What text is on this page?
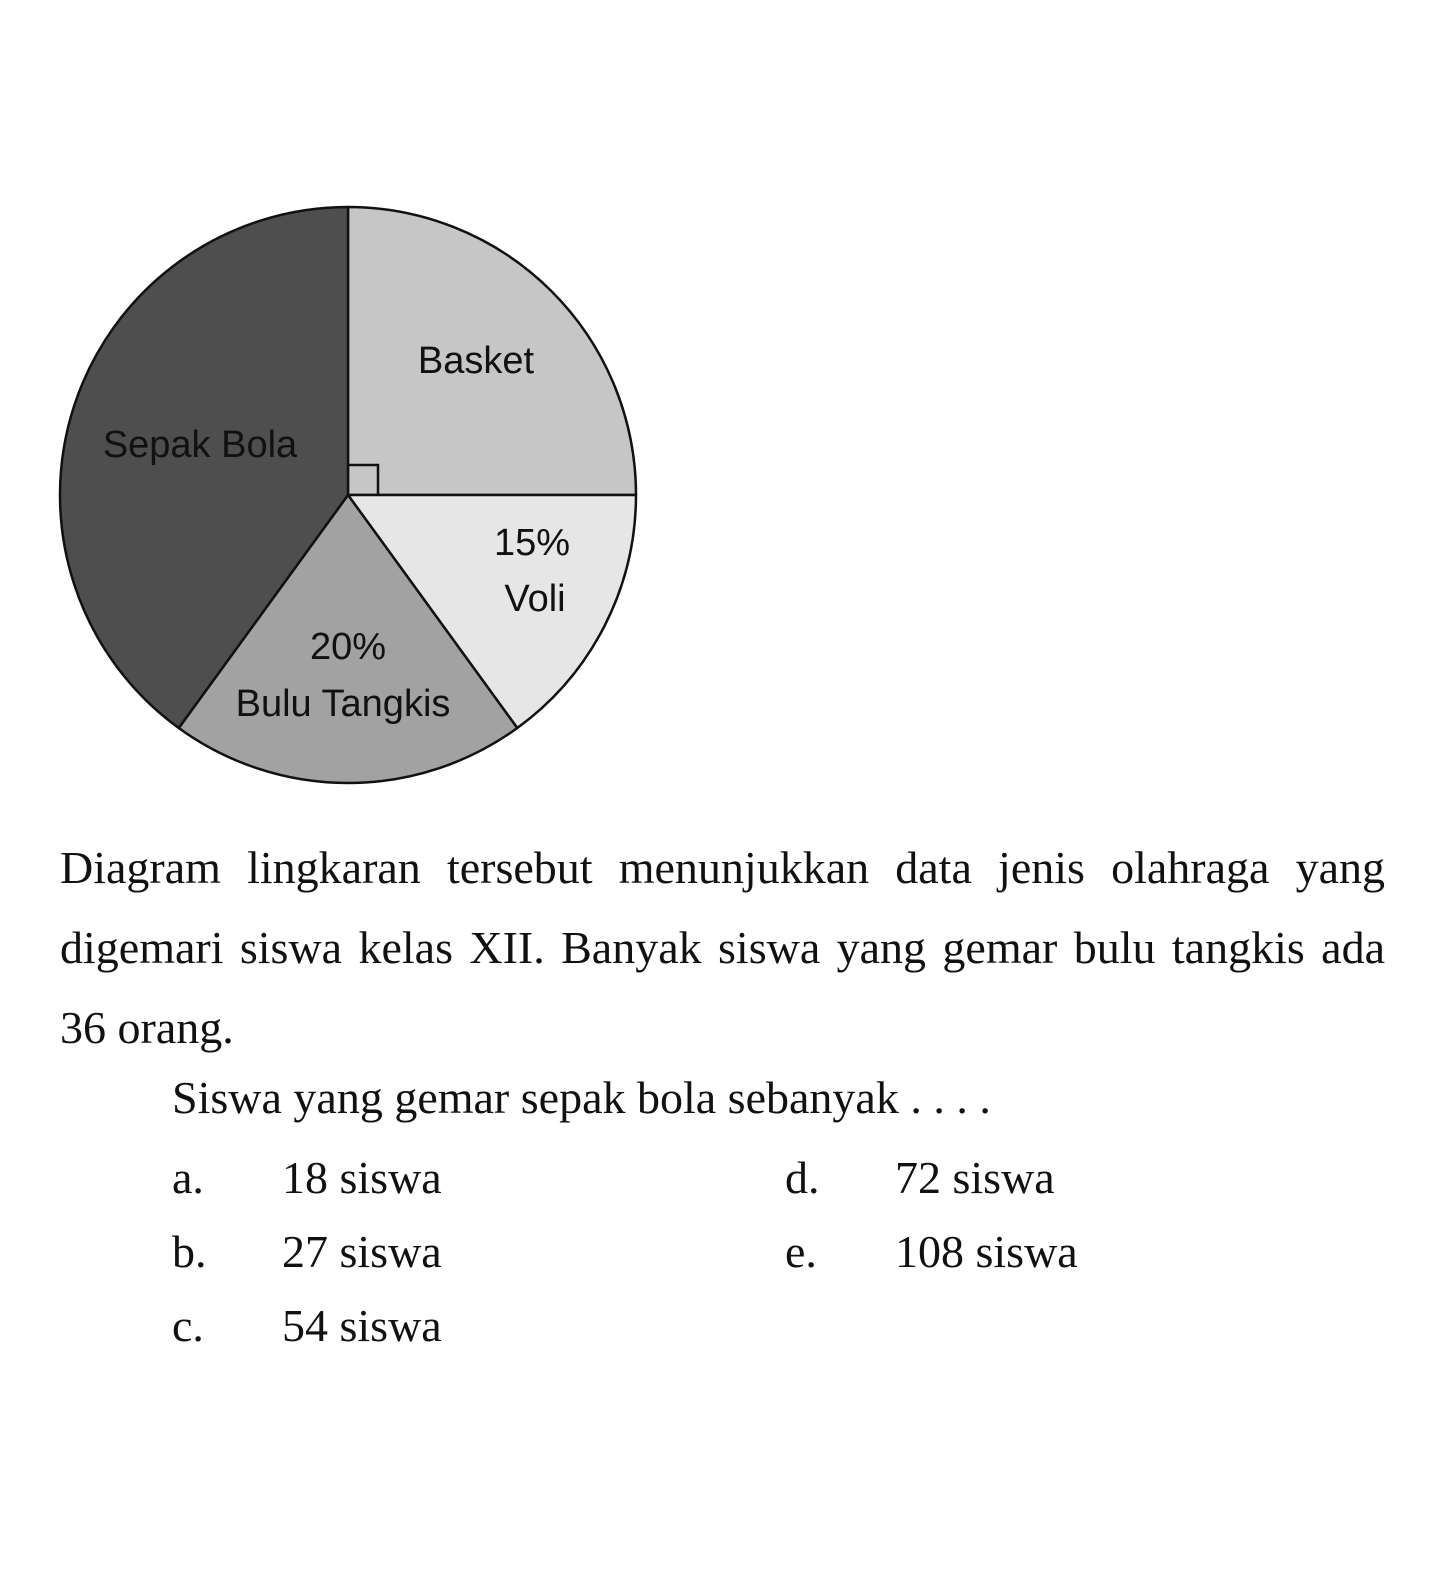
Basket
15%
Voli
20%
Bulu Tangkis
Sepak Bola
Diagram lingkaran tersebut menunjukkan data jenis olahraga yang digemari siswa kelas XII. Banyak siswa yang gemar bulu tangkis ada 36 orang.
Siswa yang gemar sepak bola sebanyak . . . .
a. 18 siswa
b. 27 siswa
c. 54 siswa
d. 72 siswa
e. 108 siswa
